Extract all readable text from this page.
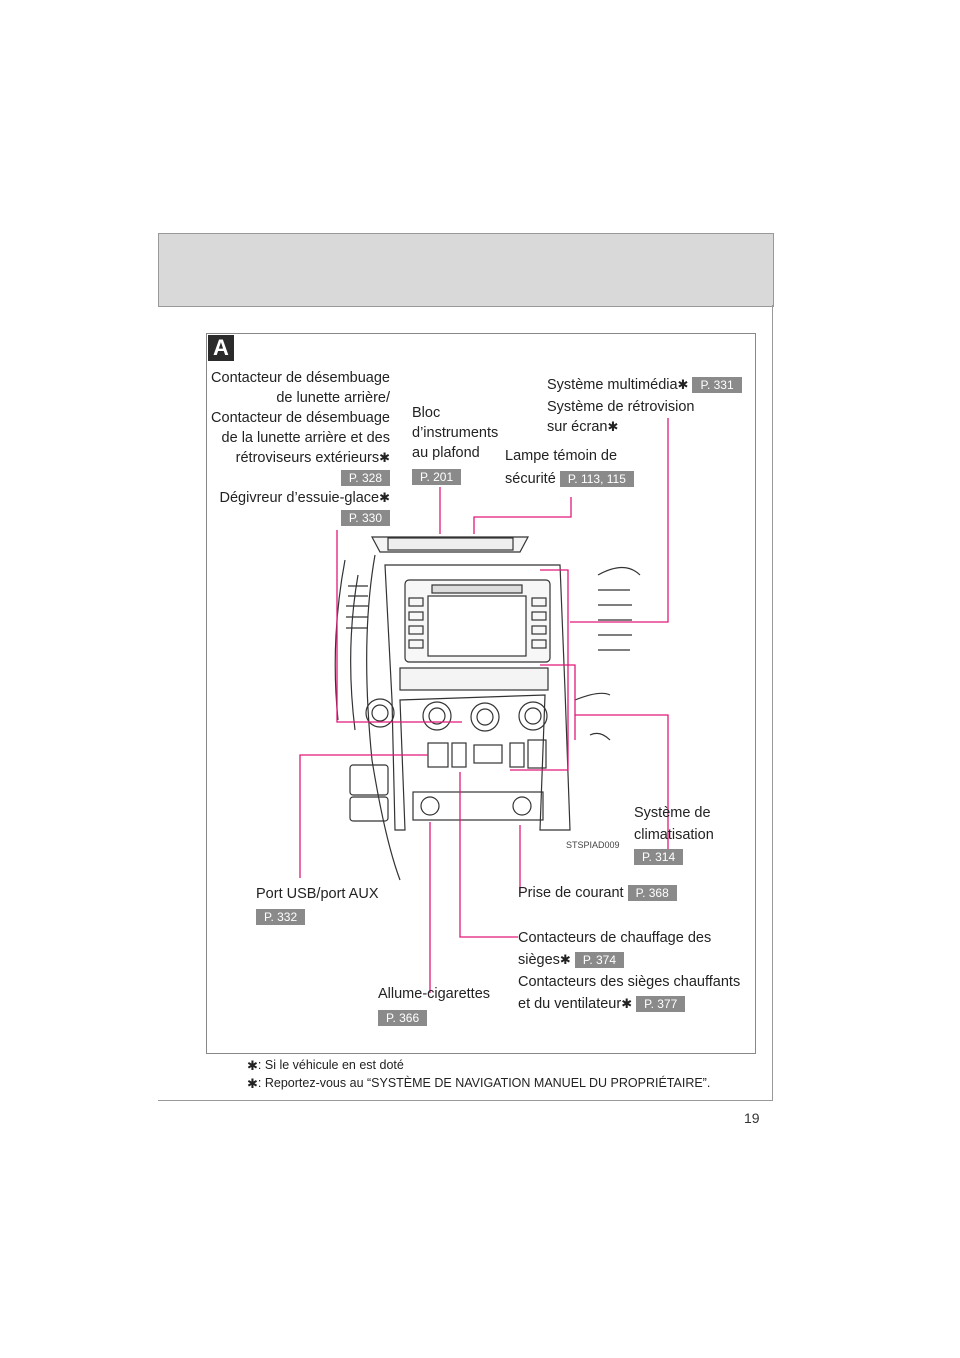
A
Contacteur de désembuage
de lunette arrière/
Contacteur de désembuage
de la lunette arrière et des
rétroviseurs extérieurs✱
P. 328
Dégivreur d’essuie-glace✱
P. 330
Bloc
d’instruments
au plafond
P. 201
Système multimédia✱ P. 331
Système de rétrovision
sur écran✱
Lampe témoin de
sécurité P. 113, 115
Système de
climatisation
P. 314
STSPIAD009
Port USB/port AUX
P. 332
Prise de courant P. 368
Contacteurs de chauffage des
sièges✱ P. 374
Contacteurs des sièges chauffants
et du ventilateur✱ P. 377
Allume-cigarettes
P. 366
✱: Si le véhicule en est doté
✱: Reportez-vous au “SYSTÈME DE NAVIGATION MANUEL DU PROPRIÉTAIRE”.
19
